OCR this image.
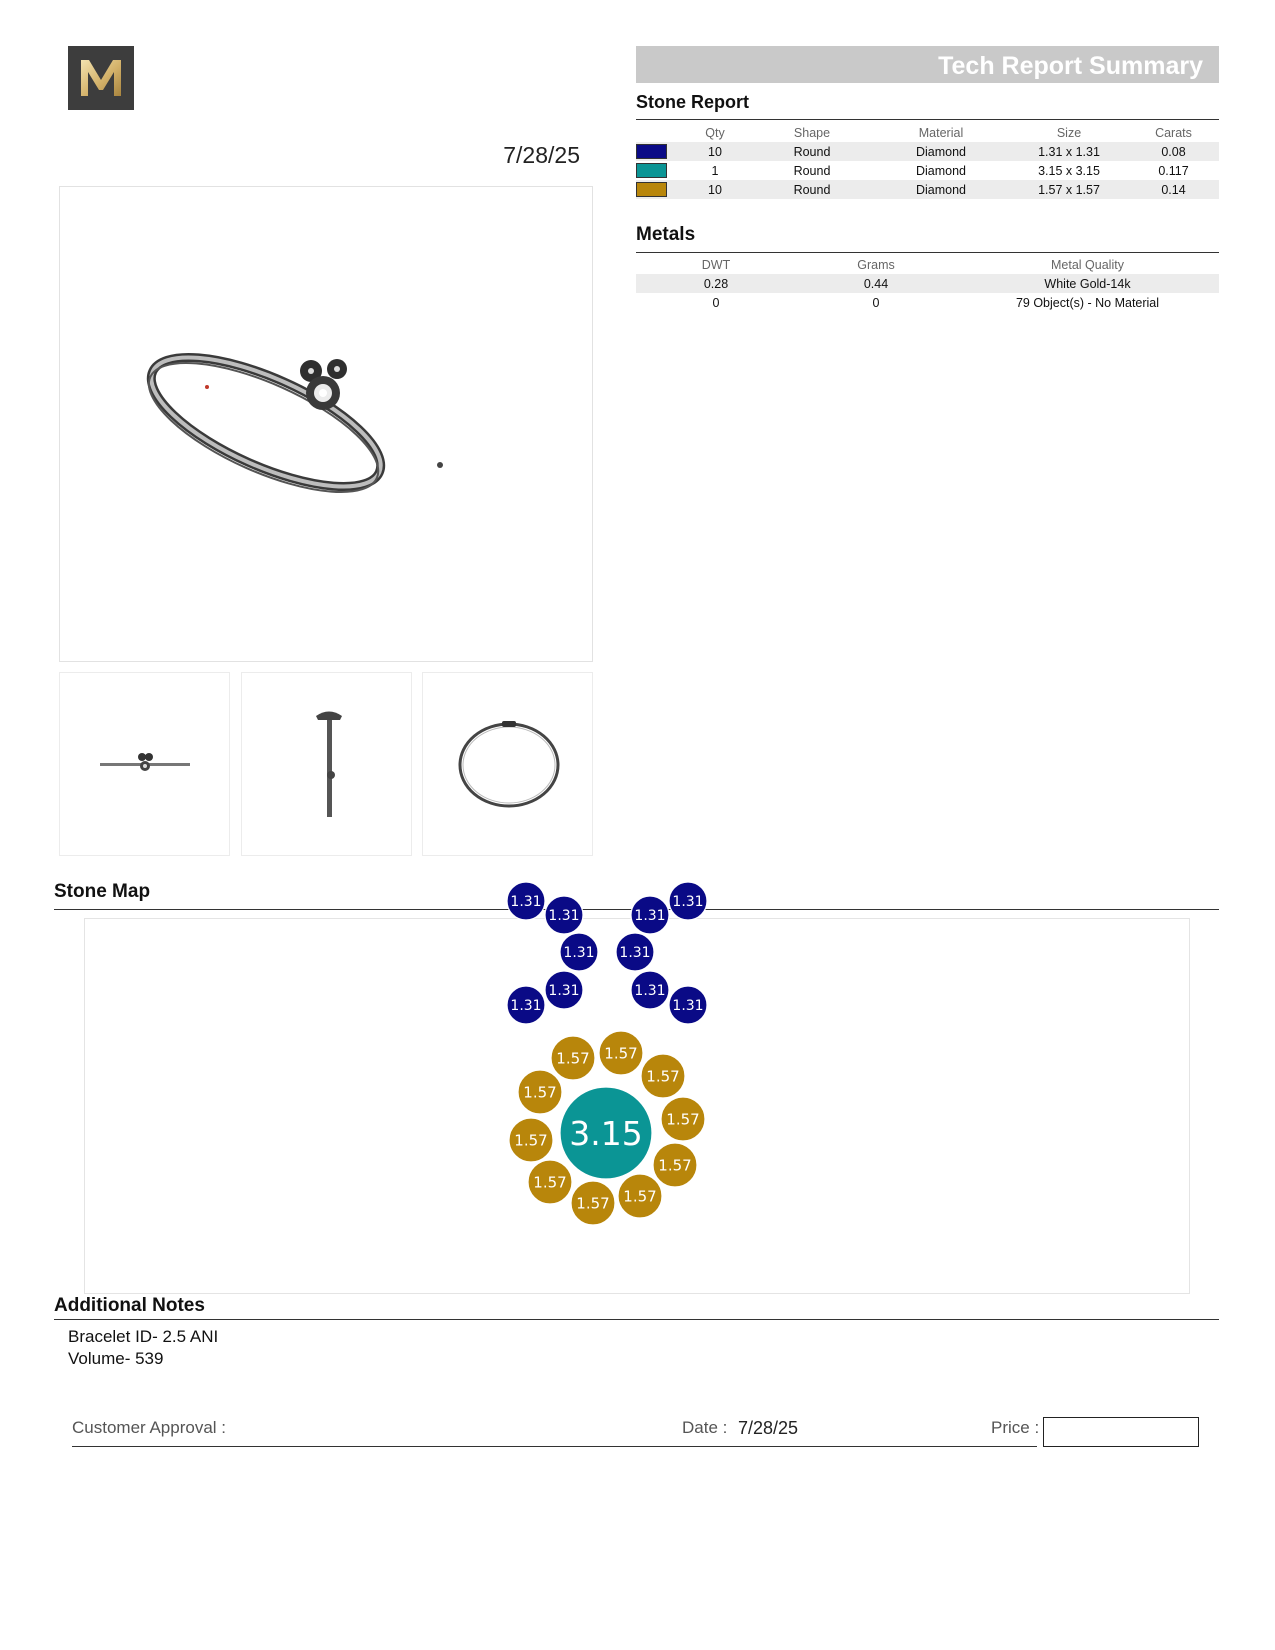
7/28/25
Tech Report Summary
Stone Report
	Qty	Shape	Material	Size	Carats
	10	Round	Diamond	1.31 x 1.31	0.08
	1	Round	Diamond	3.15 x 3.15	0.117
	10	Round	Diamond	1.57 x 1.57	0.14
Metals
DWT	Grams	Metal Quality
0.28	0.44	White Gold-14k
0	0	79 Object(s) - No Material
Stone Map
1.31
1.31
1.31
1.31
1.31
1.31
1.31
1.31
1.31
1.31
1.57 1.57
1.57
1.57
1.57
1.57
1.57
1.57
1.57
1.57
3.15
Additional Notes
Bracelet ID- 2.5 ANI
Volume- 539
Customer Approval :	Date : 7/28/25	Price :
